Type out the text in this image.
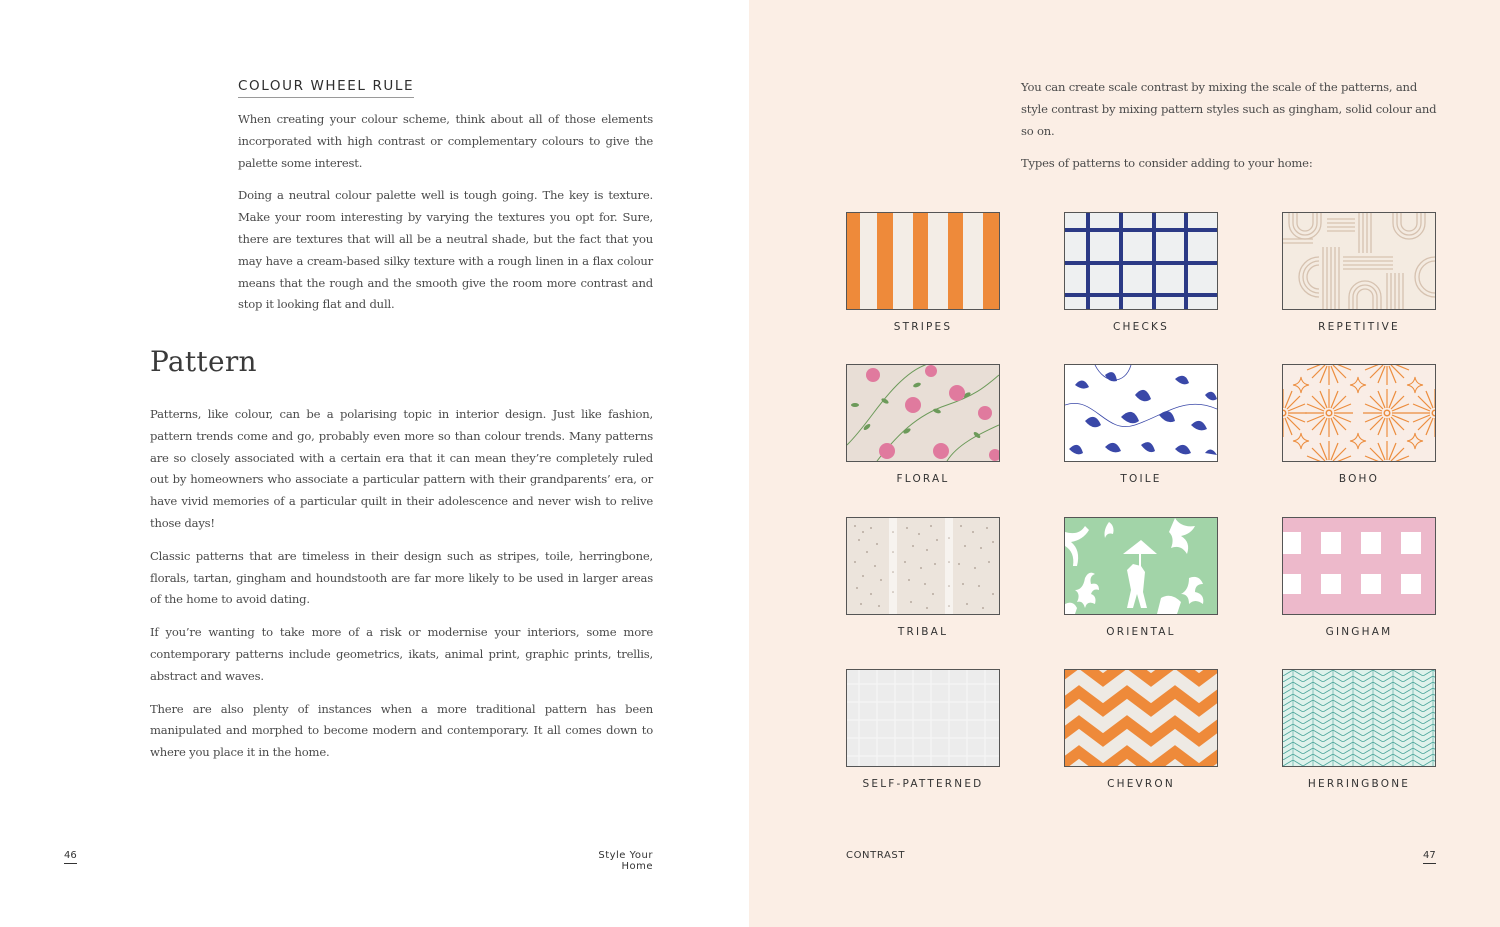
COLOUR WHEEL RULE

When creating your colour scheme, think about all of those elements incorporated with high contrast or complementary colours to give the palette some interest.

Doing a neutral colour palette well is tough going. The key is texture. Make your room interesting by varying the textures you opt for. Sure, there are textures that will all be a neutral shade, but the fact that you may have a cream-based silky texture with a rough linen in a flax colour means that the rough and the smooth give the room more contrast and stop it looking flat and dull.

Pattern

Patterns, like colour, can be a polarising topic in interior design. Just like fashion, pattern trends come and go, probably even more so than colour trends. Many patterns are so closely associated with a certain era that it can mean they’re completely ruled out by homeowners who associate a particular pattern with their grandparents’ era, or have vivid memories of a particular quilt in their adolescence and never wish to relive those days!

Classic patterns that are timeless in their design such as stripes, toile, herringbone, florals, tartan, gingham and houndstooth are far more likely to be used in larger areas of the home to avoid dating.

If you’re wanting to take more of a risk or modernise your interiors, some more contemporary patterns include geometrics, ikats, animal print, graphic prints, trellis, abstract and waves.

There are also plenty of instances when a more traditional pattern has been manipulated and morphed to become modern and contemporary. It all comes down to where you place it in the home.

46	Style Your Home

You can create scale contrast by mixing the scale of the patterns, and style contrast by mixing pattern styles such as gingham, solid colour and so on.

Types of patterns to consider adding to your home:

STRIPES	CHECKS	REPETITIVE
FLORAL	TOILE	BOHO
TRIBAL	ORIENTAL	GINGHAM
SELF-PATTERNED	CHEVRON	HERRINGBONE
CONTRAST	47
